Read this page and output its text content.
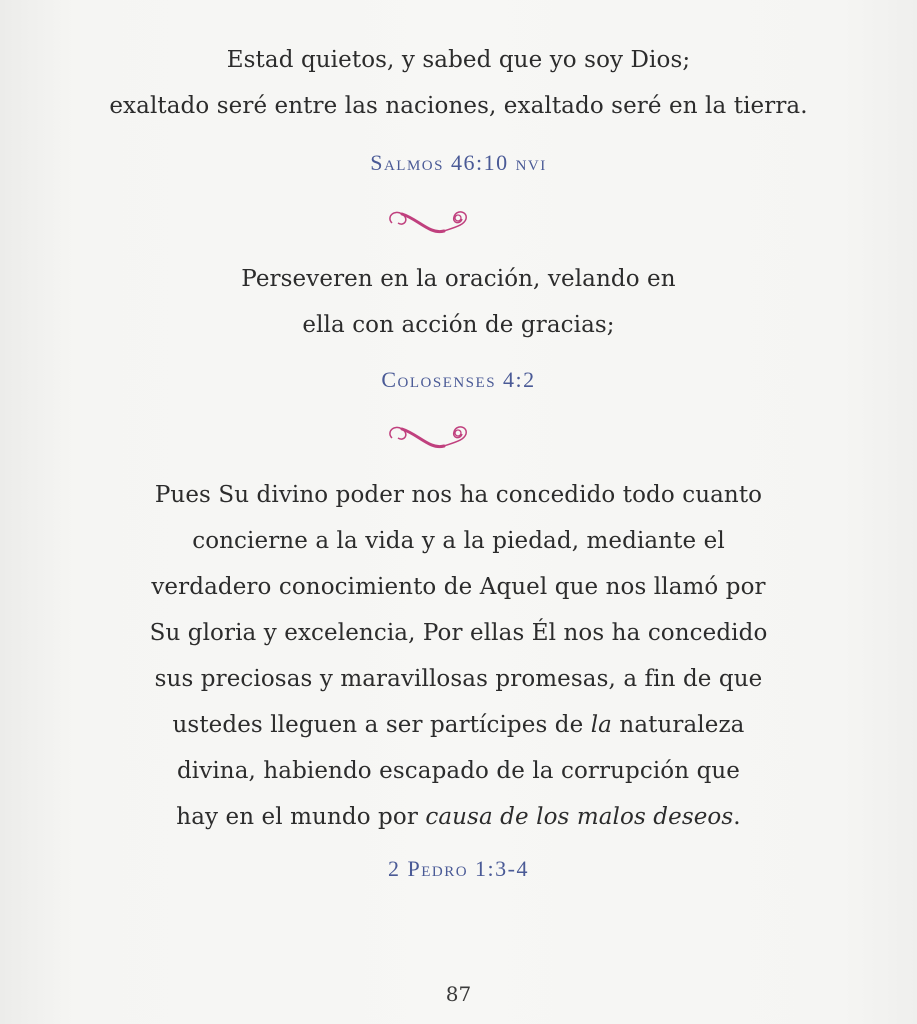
Estad quietos, y sabed que yo soy Dios;
exaltado seré entre las naciones, exaltado seré en la tierra.
Salmos 46:10 nvi
Perseveren en la oración, velando en
ella con acción de gracias;
Colosenses 4:2
Pues Su divino poder nos ha concedido todo cuanto
concierne a la vida y a la piedad, mediante el
verdadero conocimiento de Aquel que nos llamó por
Su gloria y excelencia, Por ellas Él nos ha concedido
sus preciosas y maravillosas promesas, a fin de que
ustedes lleguen a ser partícipes de la naturaleza
divina, habiendo escapado de la corrupción que
hay en el mundo por causa de los malos deseos.
2 Pedro 1:3-4
87
